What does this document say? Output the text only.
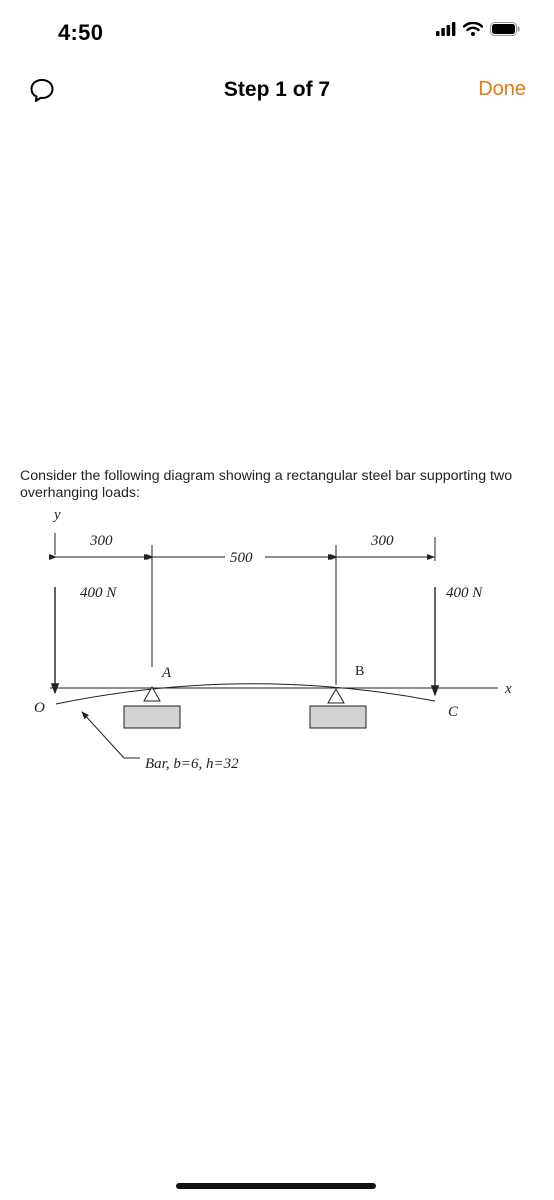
4:50
Step 1 of 7	Done
Consider the following diagram showing a rectangular steel bar supporting two overhanging loads:
y
300
500
300
400 N	400 N
A	B
C
x
O
Bar, b=6, h=32
